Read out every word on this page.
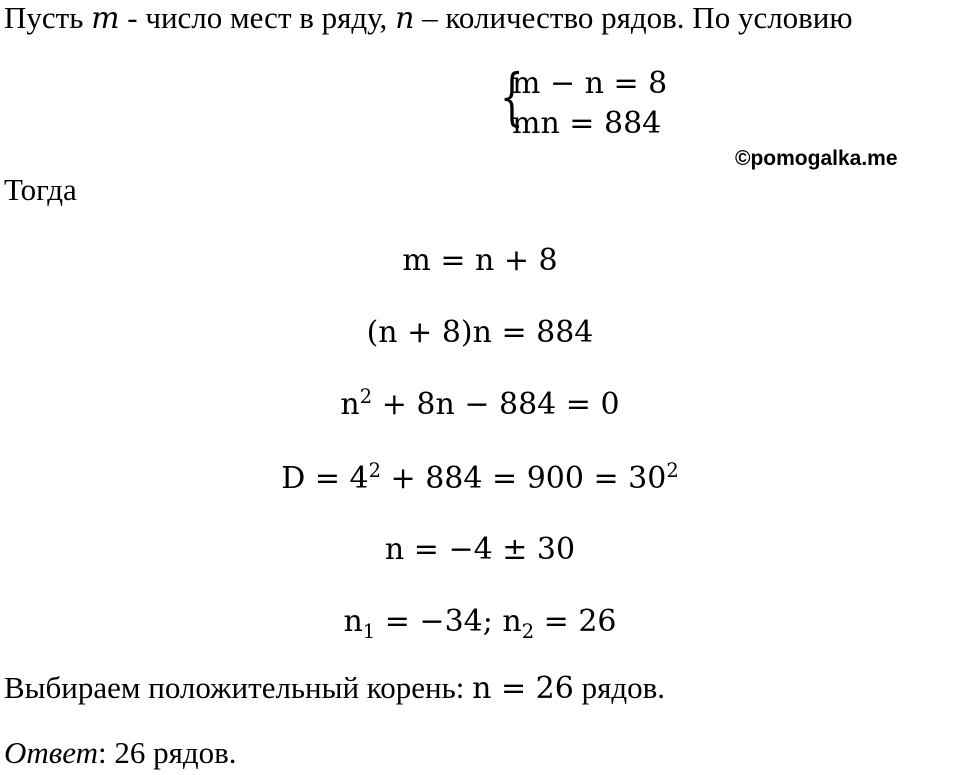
Пусть m - число мест в ряду, n – количество рядов. По условию
{
m − n = 8
mn = 884
©pomogalka.me
Тогда
m = n + 8
(n + 8)n = 884
$n^2 + 8n - 884 = 0$
$D = 4^2 + 884 = 900 = 30^2$
n = −4 ± 30
$n_1 = -34$; $n_2 = 26$
Выбираем положительный корень: n = 26 рядов.
Ответ: 26 рядов.
